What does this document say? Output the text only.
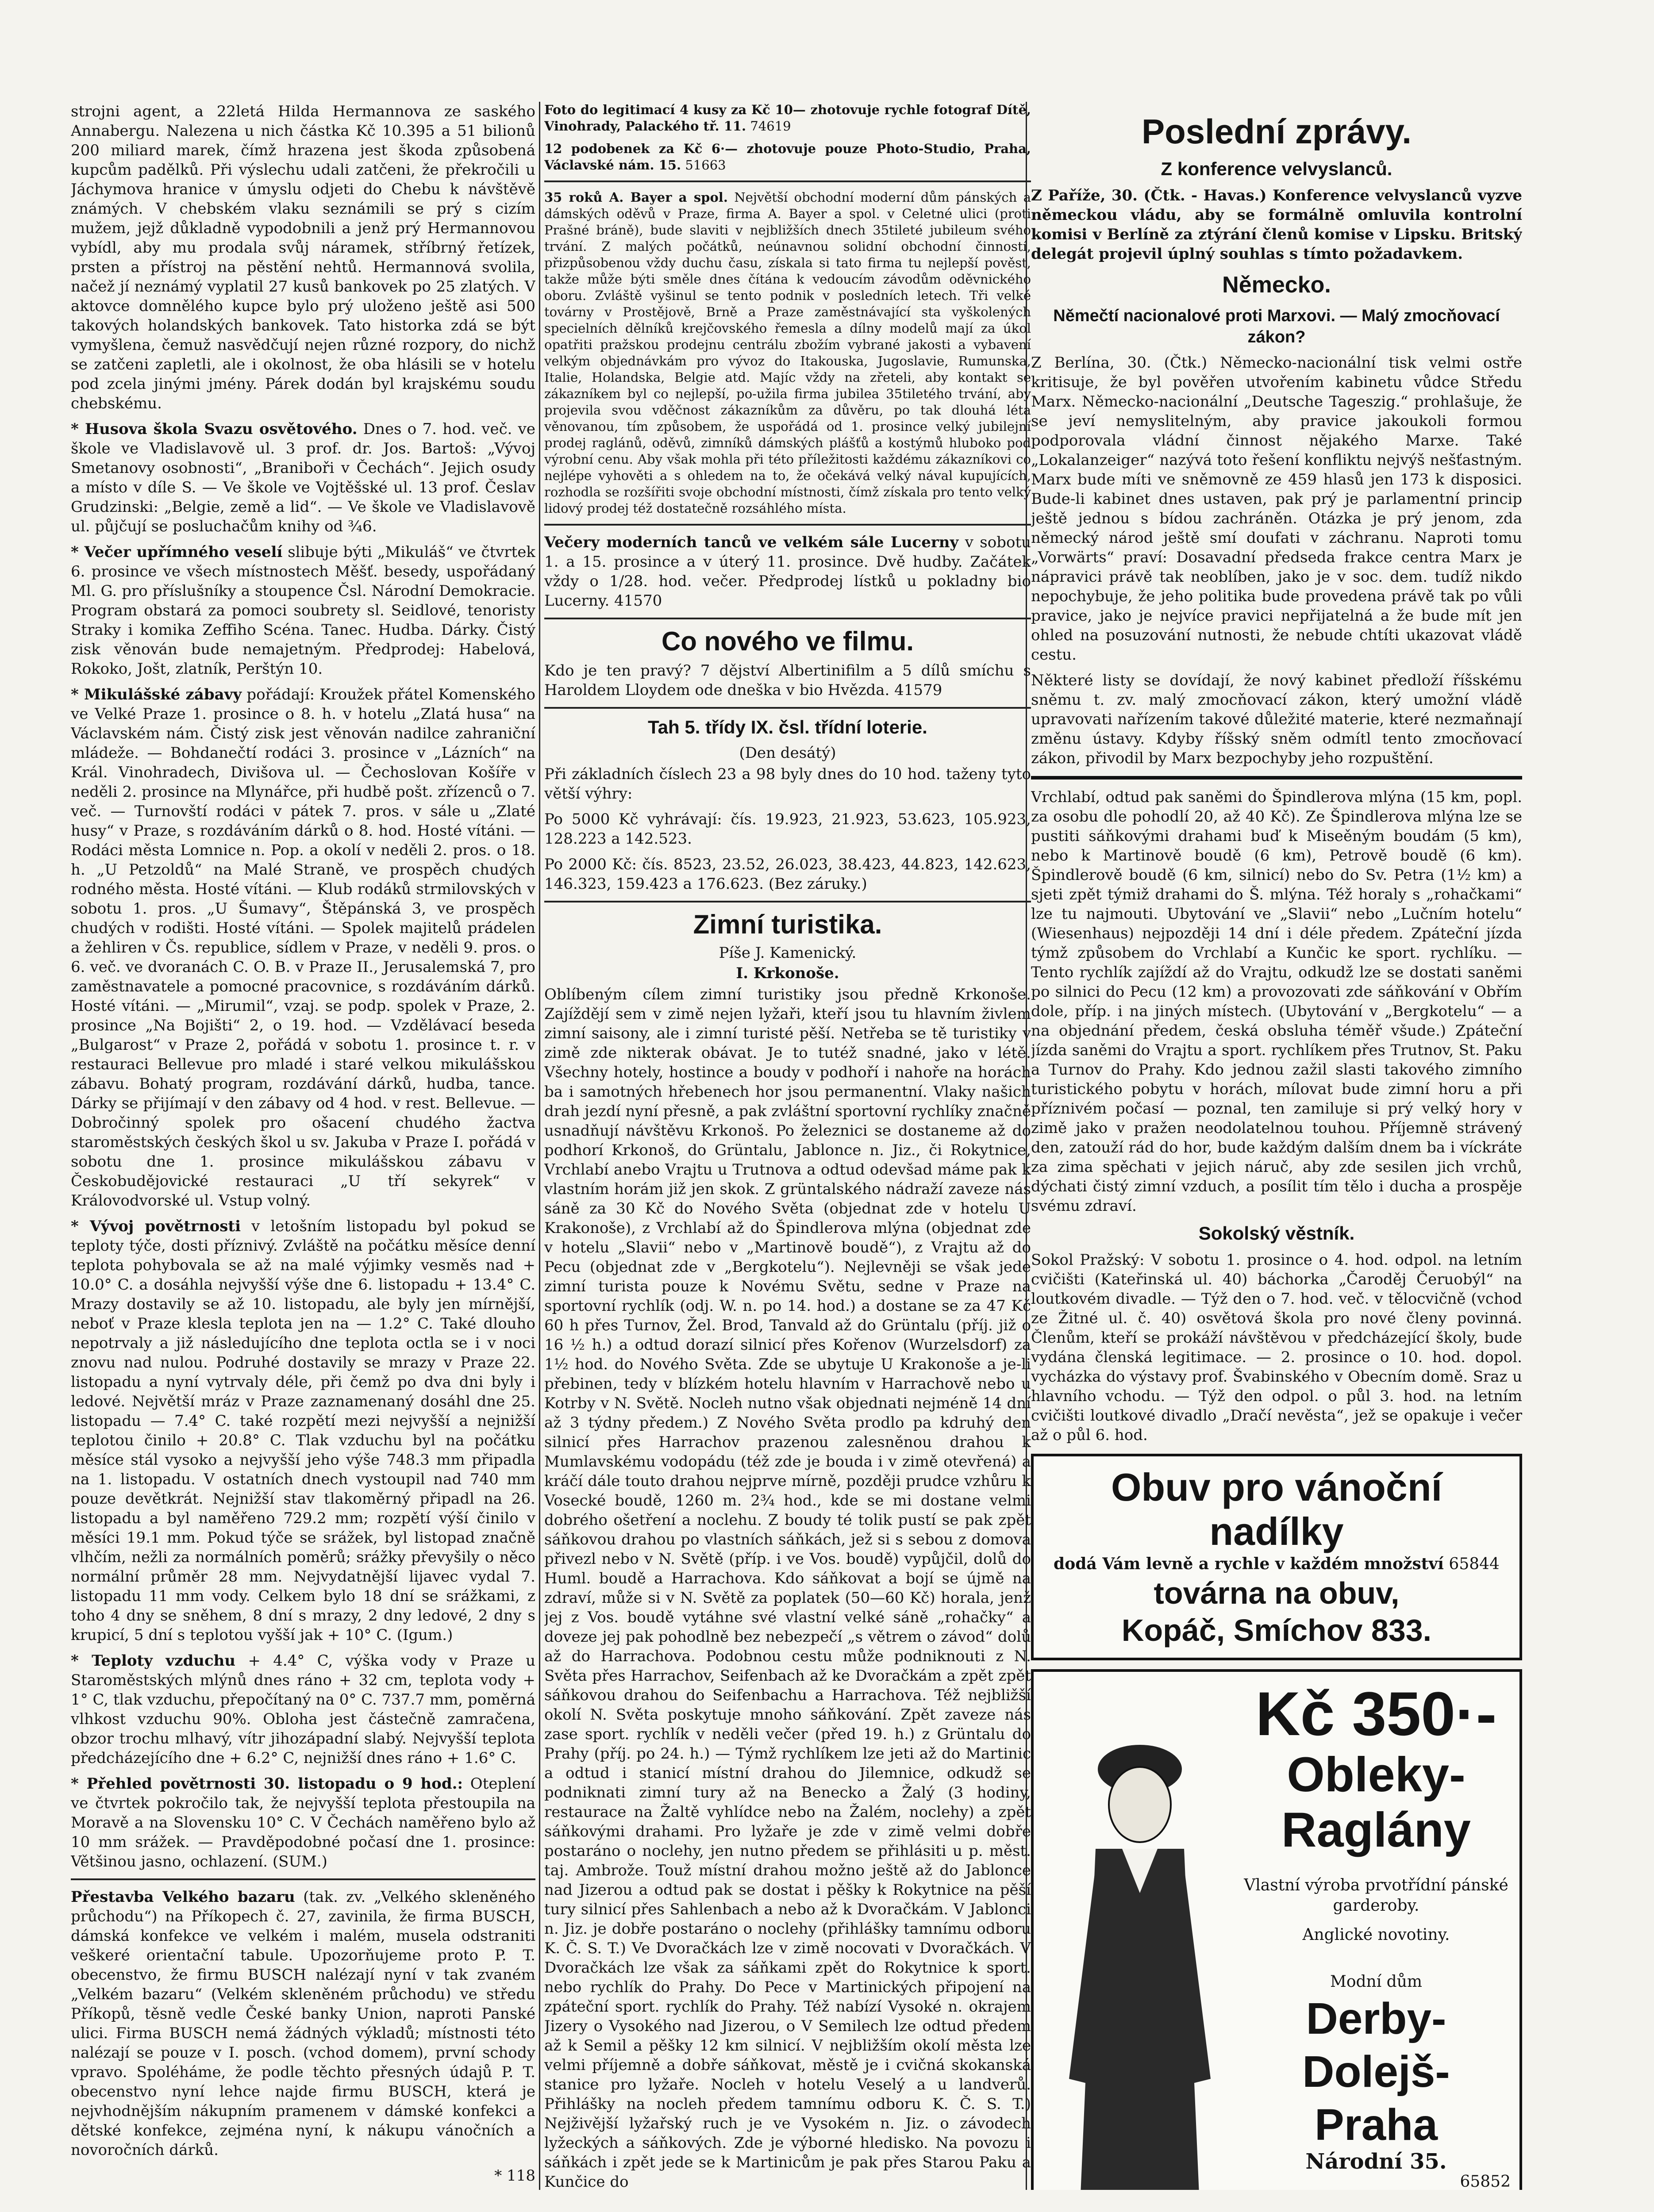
strojni agent, a 22letá Hilda Hermannova ze saského Annabergu. Nalezena u nich částka Kč 10.395 a 51 bilionů 200 miliard marek, čímž hrazena jest škoda způsobená kupcům padělků. Při výslechu udali zatčeni, že překročili u Jáchymova hranice v úmyslu odjeti do Chebu k návštěvě známých. V chebském vlaku seznámili se prý s cizím mužem, jejž důkladně vypodobnili a jenž prý Hermannovou vybídl, aby mu prodala svůj náramek, stříbrný řetízek, prsten a přístroj na pěstění nehtů. Hermannová svolila, načež jí neznámý vyplatil 27 kusů bankovek po 25 zlatých. V aktovce domnělého kupce bylo prý uloženo ještě asi 500 takových holandských bankovek. Tato historka zdá se být vymyšlena, čemuž nasvědčují nejen různé rozpory, do nichž se zatčeni zapletli, ale i okolnost, že oba hlásili se v hotelu pod zcela jinými jmény. Párek dodán byl krajskému soudu chebskému.

* Husova škola Svazu osvětového. Dnes o 7. hod. več. ve škole ve Vladislavově ul. 3 prof. dr. Jos. Bartoš: „Vývoj Smetanovy osobnosti“, „Braniboři v Čechách“. Jejich osudy a místo v díle S. — Ve škole ve Vojtěšské ul. 13 prof. Česlav Grudzinski: „Belgie, země a lid“. — Ve škole ve Vladislavově ul. půjčují se posluchačům knihy od ¾6.

* Večer upřímného veselí slibuje býti „Mikuláš“ ve čtvrtek 6. prosince ve všech místnostech Měšť. besedy, uspořádaný Ml. G. pro příslušníky a stoupence Čsl. Národní Demokracie. Program obstará za pomoci soubrety sl. Seidlové, tenoristy Straky i komika Zeffiho Scéna. Tanec. Hudba. Dárky. Čistý zisk věnován bude nemajetným. Předprodej: Habelová, Rokoko, Jošt, zlatník, Perštýn 10.

* Mikulášské zábavy pořádají: Kroužek přátel Komenského ve Velké Praze 1. prosince o 8. h. v hotelu „Zlatá husa“ na Václavském nám. Čistý zisk jest věnován nadilce zahraniční mládeže. — Bohdanečtí rodáci 3. prosince v „Lázních“ na Král. Vinohradech, Divišova ul. — Čechoslovan Košíře v neděli 2. prosince na Mlynářce, při hudbě pošt. zřízenců o 7. več. — Turnovští rodáci v pátek 7. pros. v sále u „Zlaté husy“ v Praze, s rozdáváním dárků o 8. hod. Hosté vítáni. — Rodáci města Lomnice n. Pop. a okolí v neděli 2. pros. o 18. h. „U Petzoldů“ na Malé Straně, ve prospěch chudých rodného města. Hosté vítáni. — Klub rodáků strmilovských v sobotu 1. pros. „U Šumavy“, Štěpánská 3, ve prospěch chudých v rodišti. Hosté vítáni. — Spolek majitelů prádelen a žehliren v Čs. republice, sídlem v Praze, v neděli 9. pros. o 6. več. ve dvoranách C. O. B. v Praze II., Jerusalemská 7, pro zaměstnavatele a pomocné pracovnice, s rozdáváním dárků. Hosté vítáni. — „Mirumil“, vzaj. se podp. spolek v Praze, 2. prosince „Na Bojišti“ 2, o 19. hod. — Vzdělávací beseda „Bulgarost“ v Praze 2, pořádá v sobotu 1. prosince t. r. v restauraci Bellevue pro mladé i staré velkou mikulášskou zábavu. Bohatý program, rozdávání dárků, hudba, tance. Dárky se přijímají v den zábavy od 4 hod. v rest. Bellevue. — Dobročinný spolek pro ošacení chudého žactva staroměstských českých škol u sv. Jakuba v Praze I. pořádá v sobotu dne 1. prosince mikulášskou zábavu v Českobudějovické restauraci „U tří sekyrek“ v Královodvorské ul. Vstup volný.

* Vývoj povětrnosti v letošním listopadu byl pokud se teploty týče, dosti příznivý. Zvláště na počátku měsíce denní teplota pohybovala se až na malé výjimky vesměs nad + 10.0° C. a dosáhla nejvyšší výše dne 6. listopadu + 13.4° C. Mrazy dostavily se až 10. listopadu, ale byly jen mírnější, neboť v Praze klesla teplota jen na — 1.2° C. Také dlouho nepotrvaly a již následujícího dne teplota octla se i v noci znovu nad nulou. Podruhé dostavily se mrazy v Praze 22. listopadu a nyní vytrvaly déle, při čemž po dva dni byly i ledové. Největší mráz v Praze zaznamenaný dosáhl dne 25. listopadu — 7.4° C. také rozpětí mezi nejvyšší a nejnižší teplotou činilo + 20.8° C. Tlak vzduchu byl na počátku měsíce stál vysoko a nejvyšší jeho výše 748.3 mm připadla na 1. listopadu. V ostatních dnech vystoupil nad 740 mm pouze devětkrát. Nejnižší stav tlakoměrný připadl na 26. listopadu a byl naměřeno 729.2 mm; rozpětí výší činilo v měsíci 19.1 mm. Pokud týče se srážek, byl listopad značně vlhčím, nežli za normálních poměrů; srážky převyšily o něco normální průměr 28 mm. Nejvydatnější lijavec vydal 7. listopadu 11 mm vody. Celkem bylo 18 dní se srážkami, z toho 4 dny se sněhem, 8 dní s mrazy, 2 dny ledové, 2 dny s krupicí, 5 dní s teplotou vyšší jak + 10° C. (Igum.)

* Teploty vzduchu + 4.4° C, výška vody v Praze u Staroměstských mlýnů dnes ráno + 32 cm, teplota vody + 1° C, tlak vzduchu, přepočítaný na 0° C. 737.7 mm, poměrná vlhkost vzduchu 90%. Obloha jest částečně zamračena, obzor trochu mlhavý, vítr jihozápadní slabý. Nejvyšší teplota předcházejícího dne + 6.2° C, nejnižší dnes ráno + 1.6° C.

* Přehled povětrnosti 30. listopadu o 9 hod.: Oteplení ve čtvrtek pokročilo tak, že nejvyšší teplota přestoupila na Moravě a na Slovensku 10° C. V Čechách naměřeno bylo až 10 mm srážek. — Pravděpodobné počasí dne 1. prosince: Většinou jasno, ochlazení. (SUM.)

Přestavba Velkého bazaru (tak. zv. „Velkého skleněného průchodu“) na Příkopech č. 27, zavinila, že firma BUSCH, dámská konfekce ve velkém i malém, musela odstraniti veškeré orientační tabule. Upozorňujeme proto P. T. obecenstvo, že firmu BUSCH nalézají nyní v tak zvaném „Velkém bazaru“ (Velkém skleněném průchodu) ve středu Příkopů, těsně vedle České banky Union, naproti Panské ulici. Firma BUSCH nemá žádných výkladů; místnosti této nalézají se pouze v I. posch. (vchod domem), první schody vpravo. Spoléháme, že podle těchto přesných údajů P. T. obecenstvo nyní lehce najde firmu BUSCH, která je nejvhodnějším nákupním pramenem v dámské konfekci a dětské konfekce, zejména nyní, k nákupu vánočních a novoročních dárků.

* 118

Foto do legitimací 4 kusy za Kč 10— zhotovuje rychle fotograf Dítě, Vinohrady, Palackého tř. 11. 74619

12 podobenek za Kč 6·— zhotovuje pouze Photo-Studio, Praha, Václavské nám. 15. 51663

35 roků A. Bayer a spol. Největší obchodní moderní dům pánských a dámských oděvů v Praze, firma A. Bayer a spol. v Celetné ulici (proti Prašné bráně), bude slaviti v nejbližších dnech 35tileté jubileum svého trvání. Z malých počátků, neúnavnou solidní obchodní činností, přizpůsobenou vždy duchu času, získala si tato firma tu nejlepší pověst, takže může býti směle dnes čítána k vedoucím závodům oděvnického oboru. Zvláště vyšinul se tento podnik v posledních letech. Tři velké továrny v Prostějově, Brně a Praze zaměstnávající sta vyškolených specielních dělníků krejčovského řemesla a dílny modelů mají za úkol opatřiti pražskou prodejnu centrálu zbožím vybrané jakosti a vybavení velkým objednávkám pro vývoz do Itakouska, Jugoslavie, Rumunska, Italie, Holandska, Belgie atd. Majíc vždy na zřeteli, aby kontakt se zákazníkem byl co nejlepší, po-užila firma jubilea 35tiletého trvání, aby projevila svou vděčnost zákazníkům za důvěru, po tak dlouhá léta věnovanou, tím způsobem, že uspořádá od 1. prosince velký jubilejní prodej raglánů, oděvů, zimníků dámských plášťů a kostýmů hluboko pod výrobní cenu. Aby však mohla při této příležitosti každému zákazníkovi co nejlépe vyhověti a s ohledem na to, že očekává velký nával kupujících, rozhodla se rozšířiti svoje obchodní místnosti, čímž získala pro tento velký lidový prodej též dostatečně rozsáhlého místa.

Večery moderních tanců ve velkém sále Lucerny v sobotu 1. a 15. prosince a v úterý 11. prosince. Dvě hudby. Začátek vždy o 1/28. hod. večer. Předprodej lístků u pokladny bio Lucerny. 41570

Co nového ve filmu.

Kdo je ten pravý? 7 dějství Albertinifilm a 5 dílů smíchu s Haroldem Lloydem ode dneška v bio Hvězda. 41579

Tah 5. třídy IX. čsl. třídní loterie.
(Den desátý)

Při základních číslech 23 a 98 byly dnes do 10 hod. taženy tyto větší výhry:

Po 5000 Kč vyhrávají: čís. 19.923, 21.923, 53.623, 105.923, 128.223 a 142.523.

Po 2000 Kč: čís. 8523, 23.52, 26.023, 38.423, 44.823, 142.623, 146.323, 159.423 a 176.623. (Bez záruky.)

Zimní turistika.
Píše J. Kamenický.
I. Krkonoše.

Oblíbeným cílem zimní turistiky jsou předně Krkonoše. Zajíždějí sem v zimě nejen lyžaři, kteří jsou tu hlavním živlem zimní saisony, ale i zimní turisté pěší. Netřeba se tě turistiky v zimě zde nikterak obávat. Je to tutéž snadné, jako v létě. Všechny hotely, hostince a boudy v podhoří i nahoře na horách ba i samotných hřebenech hor jsou permanentní. Vlaky našich drah jezdí nyní přesně, a pak zvláštní sportovní rychlíky značně usnadňují návštěvu Krkonoš. Po železnici se dostaneme až do podhorí Krkonoš, do Grüntalu, Jablonce n. Jiz., či Rokytnice, Vrchlabí anebo Vrajtu u Trutnova a odtud odevšad máme pak k vlastním horám již jen skok. Z grüntalského nádraží zaveze nás sáně za 30 Kč do Nového Světa (objednat zde v hotelu U Krakonoše), z Vrchlabí až do Špindlerova mlýna (objednat zde v hotelu „Slavii“ nebo v „Martinově boudě“), z Vrajtu až do Pecu (objednat zde v „Bergkotelu“). Nejlevněji se však jede zimní turista pouze k Novému Světu, sedne v Praze na sportovní rychlík (odj. W. n. po 14. hod.) a dostane se za 47 Kč 60 h přes Turnov, Žel. Brod, Tanvald až do Grüntalu (příj. již o 16 ½ h.) a odtud dorazí silnicí přes Kořenov (Wurzelsdorf) za 1½ hod. do Nového Světa. Zde se ubytuje U Krakonoše a je-li přebinen, tedy v blízkém hotelu hlavním v Harrachově nebo u Kotrby v N. Světě. Nocleh nutno však objednati nejméně 14 dní až 3 týdny předem.) Z Nového Světa prodlo pa kdruhý den silnicí přes Harrachov prazenou zalesněnou drahou k Mumlavskému vodopádu (též zde je bouda i v zimě otevřená) a kráčí dále touto drahou nejprve mírně, později prudce vzhůru k Vosecké boudě, 1260 m. 2¾ hod., kde se mi dostane velmi dobrého ošetření a noclehu. Z boudy té tolik pustí se pak zpět sáňkovou drahou po vlastních sáňkách, jež si s sebou z domova přivezl nebo v N. Světě (příp. i ve Vos. boudě) vypůjčil, dolů do Huml. boudě a Harrachova. Kdo sáňkovat a bojí se újmě na zdraví, může si v N. Světě za poplatek (50—60 Kč) horala, jenž jej z Vos. boudě vytáhne své vlastní velké sáně „rohačky“ a doveze jej pak pohodlně bez nebezpečí „s větrem o závod“ dolů až do Harrachova. Podobnou cestu může podniknouti z N. Světa přes Harrachov, Seifenbach až ke Dvoračkám a zpět zpět sáňkovou drahou do Seifenbachu a Harrachova. Též nejbližší okolí N. Světa poskytuje mnoho sáňkování. Zpět zaveze nás zase sport. rychlík v neděli večer (před 19. h.) z Grüntalu do Prahy (příj. po 24. h.) — Týmž rychlíkem lze jeti až do Martinic a odtud i stanicí místní drahou do Jilemnice, odkudž se podniknati zimní tury až na Benecko a Žalý (3 hodiny, restaurace na Žaltě vyhlídce nebo na Žalém, noclehy) a zpět sáňkovými drahami. Pro lyžaře je zde v zimě velmi dobře postaráno o noclehy, jen nutno předem se přihlásiti u p. měst. taj. Ambrože. Touž místní drahou možno ještě až do Jablonce nad Jizerou a odtud pak se dostat i pěšky k Rokytnice na pěší tury silnicí přes Sahlenbach a nebo až k Dvoračkám. V Jablonci n. Jiz. je dobře postaráno o noclehy (přihlášky tamnímu odboru K. Č. S. T.) Ve Dvoračkách lze v zimě nocovati v Dvoračkách. V Dvoračkách lze však za sáňkami zpět do Rokytnice k sport. nebo rychlík do Prahy. Do Pece v Martinických připojení na zpáteční sport. rychlík do Prahy. Též nabízí Vysoké n. okrajem Jizery o Vysokého nad Jizerou, o V Semilech lze odtud předem až k Semil a pěšky 12 km silnicí. V nejbližším okolí města lze velmi příjemně a dobře sáňkovat, městě je i cvičná skokanská stanice pro lyžaře. Nocleh v hotelu Veselý a u landverů. Přihlášky na nocleh předem tamnímu odboru K. Č. S. T.) Nejživější lyžařský ruch je ve Vysokém n. Jiz. o závodech lyžeckých a sáňkových. Zde je výborné hledisko. Na povozu i sáňkách i zpět jede se k Martinicům je pak přes Starou Paku a Kunčice do

Poslední zprávy.
Z konference velvyslanců.

Z Paříže, 30. (Čtk. - Havas.) Konference velvyslanců vyzve německou vládu, aby se formálně omluvila kontrolní komisi v Berlíně za ztýrání členů komise v Lipsku. Britský delegát projevil úplný souhlas s tímto požadavkem.

Německo.
Němečtí nacionalové proti Marxovi. — Malý zmocňovací zákon?

Z Berlína, 30. (Čtk.) Německo-nacionální tisk velmi ostře kritisuje, že byl pověřen utvořením kabinetu vůdce Středu Marx. Německo-nacionální „Deutsche Tageszig.“ prohlašuje, že se jeví nemyslitelným, aby pravice jakoukoli formou podporovala vládní činnost nějakého Marxe. Také „Lokalanzeiger“ nazývá toto řešení konfliktu nejvýš nešťastným. Marx bude míti ve sněmovně ze 459 hlasů jen 173 k disposici. Bude-li kabinet dnes ustaven, pak prý je parlamentní princip ještě jednou s bídou zachráněn. Otázka je prý jenom, zda německý národ ještě smí doufati v záchranu. Naproti tomu „Vorwärts“ praví: Dosavadní předseda frakce centra Marx je nápravici právě tak neoblíben, jako je v soc. dem. tudíž nikdo nepochybuje, že jeho politika bude provedena právě tak po vůli pravice, jako je nejvíce pravici nepřijatelná a že bude mít jen ohled na posuzování nutnosti, že nebude chtíti ukazovat vládě cestu.

Některé listy se dovídají, že nový kabinet předloží říšskému sněmu t. zv. malý zmocňovací zákon, který umožní vládě upravovati nařízením takové důležité materie, které nezmaňnají změnu ústavy. Kdyby říšský sněm odmítl tento zmocňovací zákon, přivodil by Marx bezpochyby jeho rozpuštění.

Vrchlabí, odtud pak saněmi do Špindlerova mlýna (15 km, popl. za osobu dle pohodlí 20, až 40 Kč). Ze Špindlerova mlýna lze se pustiti sáňkovými drahami buď k Miseěným boudám (5 km), nebo k Martinově boudě (6 km), Petrově boudě (6 km). Špindlerově boudě (6 km, silnicí) nebo do Sv. Petra (1½ km) a sjeti zpět týmiž drahami do Š. mlýna. Též horaly s „rohačkami“ lze tu najmouti. Ubytování ve „Slavii“ nebo „Lučním hotelu“ (Wiesenhaus) nejpozději 14 dní i déle předem. Zpáteční jízda týmž způsobem do Vrchlabí a Kunčic ke sport. rychlíku. — Tento rychlík zajíždí až do Vrajtu, odkudž lze se dostati saněmi po silnici do Pecu (12 km) a provozovati zde sáňkování v Obřím dole, příp. i na jiných místech. (Ubytování v „Bergkotelu“ — a na objednání předem, česká obsluha téměř všude.) Zpáteční jízda saněmi do Vrajtu a sport. rychlíkem přes Trutnov, St. Paku a Turnov do Prahy. Kdo jednou zažil slasti takového zimního turistického pobytu v horách, mílovat bude zimní horu a při příznivém počasí — poznal, ten zamiluje si prý velký hory v zimě jako v pražen neodolatelnou touhou. Příjemně strávený den, zatouží rád do hor, bude každým dalším dnem ba i víckráte za zima spěchati v jejich náruč, aby zde sesilen jich vrchů, dýchati čistý zimní vzduch, a posílit tím tělo i ducha a prospěje svému zdraví.

Sokolský věstník.

Sokol Pražský: V sobotu 1. prosince o 4. hod. odpol. na letním cvičišti (Kateřinská ul. 40) báchorka „Čaroděj Čeruobýl“ na loutkovém divadle. — Týž den o 7. hod. več. v tělocvičně (vchod ze Žitné ul. č. 40) osvětová škola pro nové členy povinná. Členům, kteří se prokáží návštěvou v předcházející školy, bude vydána členská legitimace. — 2. prosince o 10. hod. dopol. vycházka do výstavy prof. Švabinského v Obecním domě. Sraz u hlavního vchodu. — Týž den odpol. o půl 3. hod. na letním cvičišti loutkové divadlo „Dračí nevěsta“, jež se opakuje i večer až o půl 6. hod.

Obuv pro vánoční nadílky
dodá Vám levně a rychle v každém množství 65844
továrna na obuv,
Kopáč, Smíchov 833.
Kč 350·-
Obleky-Raglány
Vlastní výroba prvotřídní pánské garderoby.
Anglické novotiny.
Modní dům
Derby-Dolejš-Praha
Národní 35.
65852
